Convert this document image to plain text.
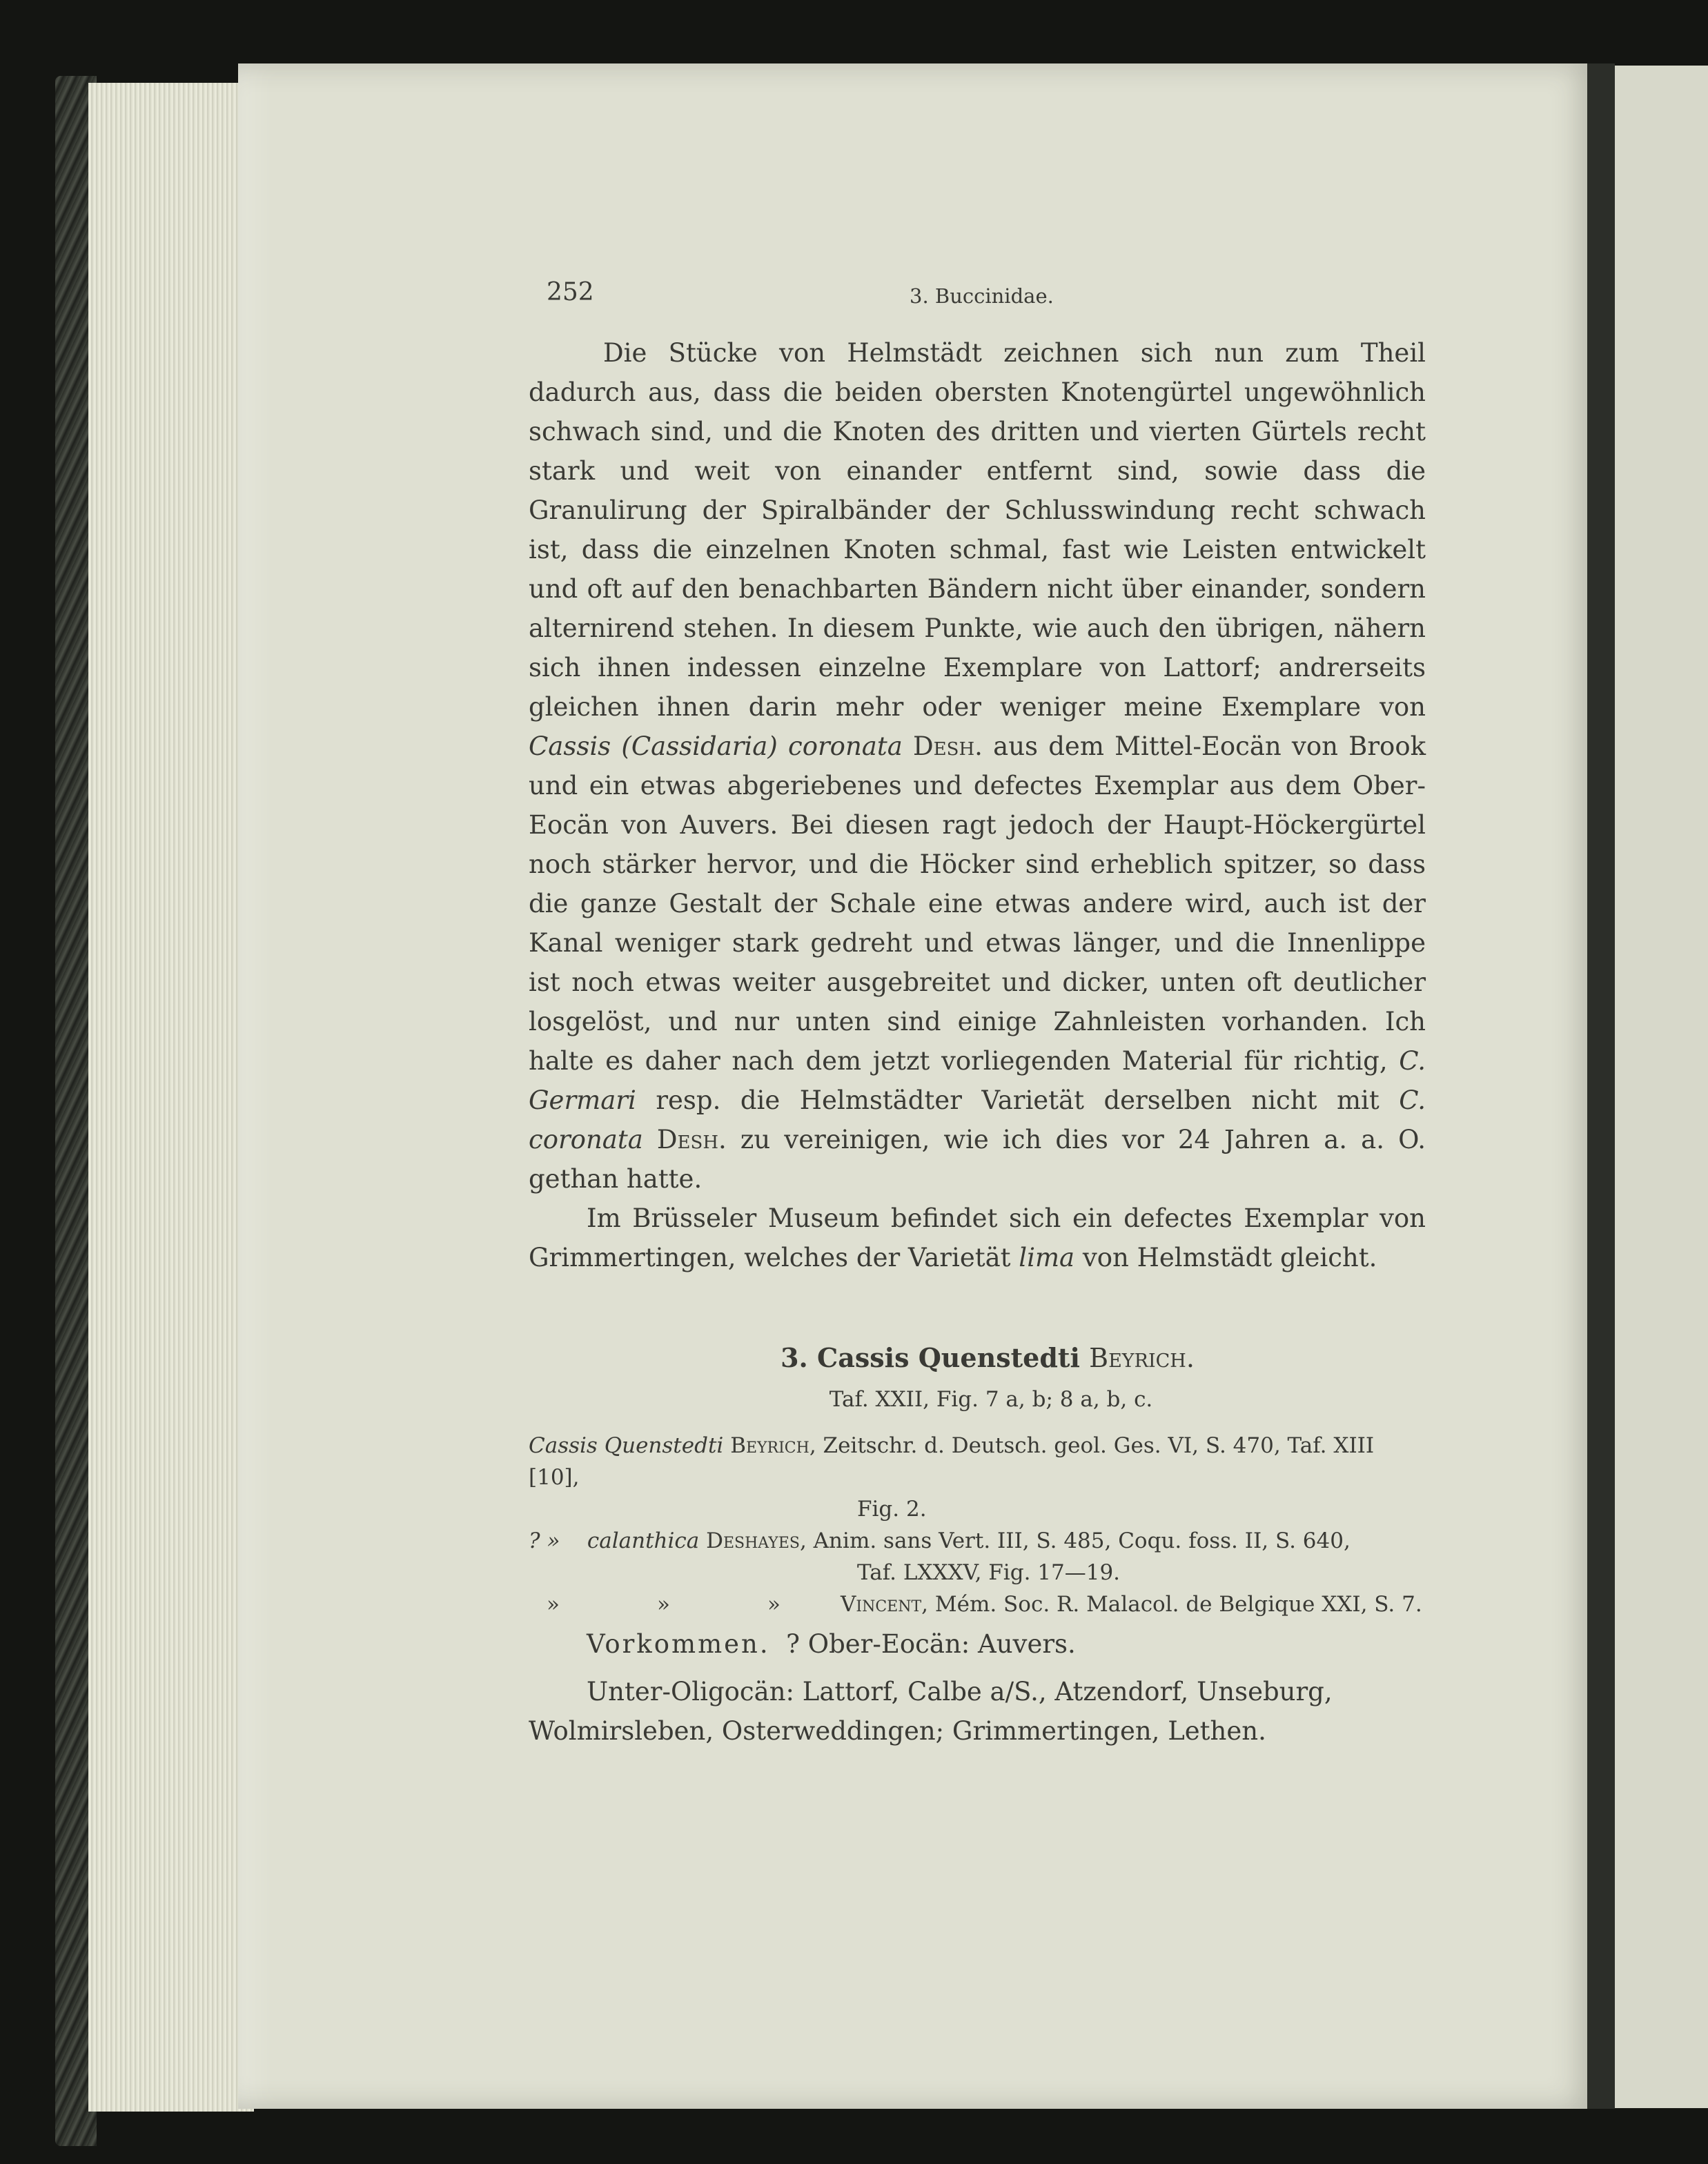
252	3. Buccinidae.

Die Stücke von Helmstädt zeichnen sich nun zum Theil dadurch aus, dass die beiden obersten Knotengürtel ungewöhnlich schwach sind, und die Knoten des dritten und vierten Gürtels recht stark und weit von einander entfernt sind, sowie dass die Granulirung der Spiralbänder der Schlusswindung recht schwach ist, dass die einzelnen Knoten schmal, fast wie Leisten entwickelt und oft auf den benachbarten Bändern nicht über einander, sondern alternirend stehen. In diesem Punkte, wie auch den übrigen, nähern sich ihnen indessen einzelne Exemplare von Lattorf; andrerseits gleichen ihnen darin mehr oder weniger meine Exemplare von Cassis (Cassidaria) coronata Desh. aus dem Mittel-Eocän von Brook und ein etwas abgeriebenes und defectes Exemplar aus dem Ober-Eocän von Auvers. Bei diesen ragt jedoch der Haupt-Höckergürtel noch stärker hervor, und die Höcker sind erheblich spitzer, so dass die ganze Gestalt der Schale eine etwas andere wird, auch ist der Kanal weniger stark gedreht und etwas länger, und die Innenlippe ist noch etwas weiter ausgebreitet und dicker, unten oft deutlicher losgelöst, und nur unten sind einige Zahnleisten vorhanden. Ich halte es daher nach dem jetzt vorliegenden Material für richtig, C. Germari resp. die Helmstädter Varietät derselben nicht mit C. coronata Desh. zu vereinigen, wie ich dies vor 24 Jahren a. a. O. gethan hatte.

Im Brüsseler Museum befindet sich ein defectes Exemplar von Grimmertingen, welches der Varietät lima von Helmstädt gleicht.

3. Cassis Quenstedti Beyrich.

Taf. XXII, Fig. 7 a, b; 8 a, b, c.

Cassis Quenstedti Beyrich, Zeitschr. d. Deutsch. geol. Ges. VI, S. 470, Taf. XIII [10],
Fig. 2.

? » calanthica Deshayes, Anim. sans Vert. III, S. 485, Coqu. foss. II, S. 640,
Taf. LXXXV, Fig. 17—19.

»	»	»	Vincent, Mém. Soc. R. Malacol. de Belgique XXI, S. 7.

Vorkommen. ? Ober-Eocän: Auvers.

Unter-Oligocän: Lattorf, Calbe a/S., Atzendorf, Unseburg, Wolmirsleben, Osterweddingen; Grimmertingen, Lethen.
